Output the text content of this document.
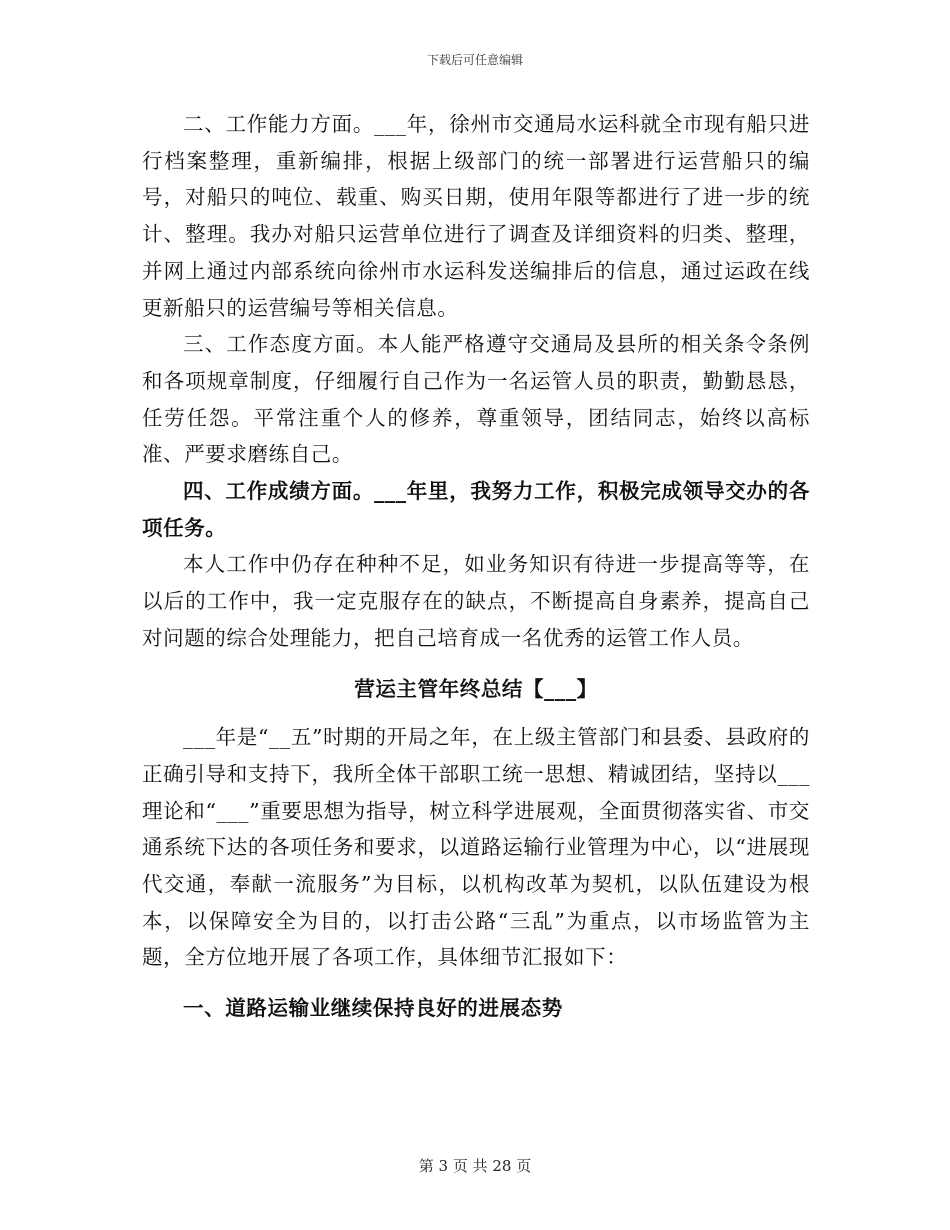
下载后可任意编辑

二、工作能力方面。___年，徐州市交通局水运科就全市现有船只进行档案整理，重新编排，根据上级部门的统一部署进行运营船只的编号，对船只的吨位、载重、购买日期，使用年限等都进行了进一步的统计、整理。我办对船只运营单位进行了调查及详细资料的归类、整理，并网上通过内部系统向徐州市水运科发送编排后的信息，通过运政在线更新船只的运营编号等相关信息。

三、工作态度方面。本人能严格遵守交通局及县所的相关条令条例和各项规章制度，仔细履行自己作为一名运管人员的职责，勤勤恳恳，任劳任怨。平常注重个人的修养，尊重领导，团结同志，始终以高标准、严要求磨练自己。

四、工作成绩方面。___年里，我努力工作，积极完成领导交办的各项任务。

本人工作中仍存在种种不足，如业务知识有待进一步提高等等，在以后的工作中，我一定克服存在的缺点，不断提高自身素养，提高自己对问题的综合处理能力，把自己培育成一名优秀的运管工作人员。

营运主管年终总结【___】

___年是“__五”时期的开局之年，在上级主管部门和县委、县政府的正确引导和支持下，我所全体干部职工统一思想、精诚团结，坚持以___理论和“___”重要思想为指导，树立科学进展观，全面贯彻落实省、市交通系统下达的各项任务和要求，以道路运输行业管理为中心，以“进展现代交通，奉献一流服务”为目标，以机构改革为契机，以队伍建设为根本，以保障安全为目的，以打击公路“三乱”为重点，以市场监管为主题，全方位地开展了各项工作，具体细节汇报如下：

一、道路运输业继续保持良好的进展态势

第 3 页 共 28 页
